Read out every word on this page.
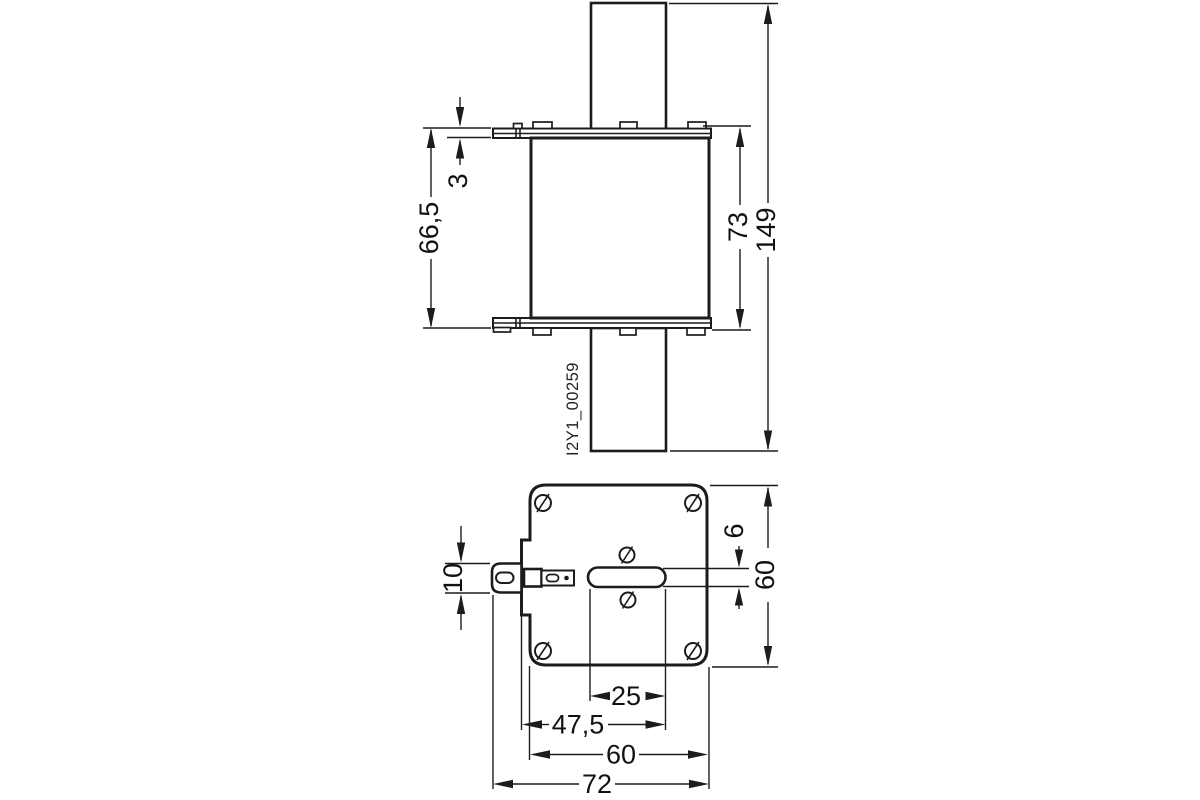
66,5
3
73
149
I2Y1_00259
10
6
60
25
47,5
60
72
